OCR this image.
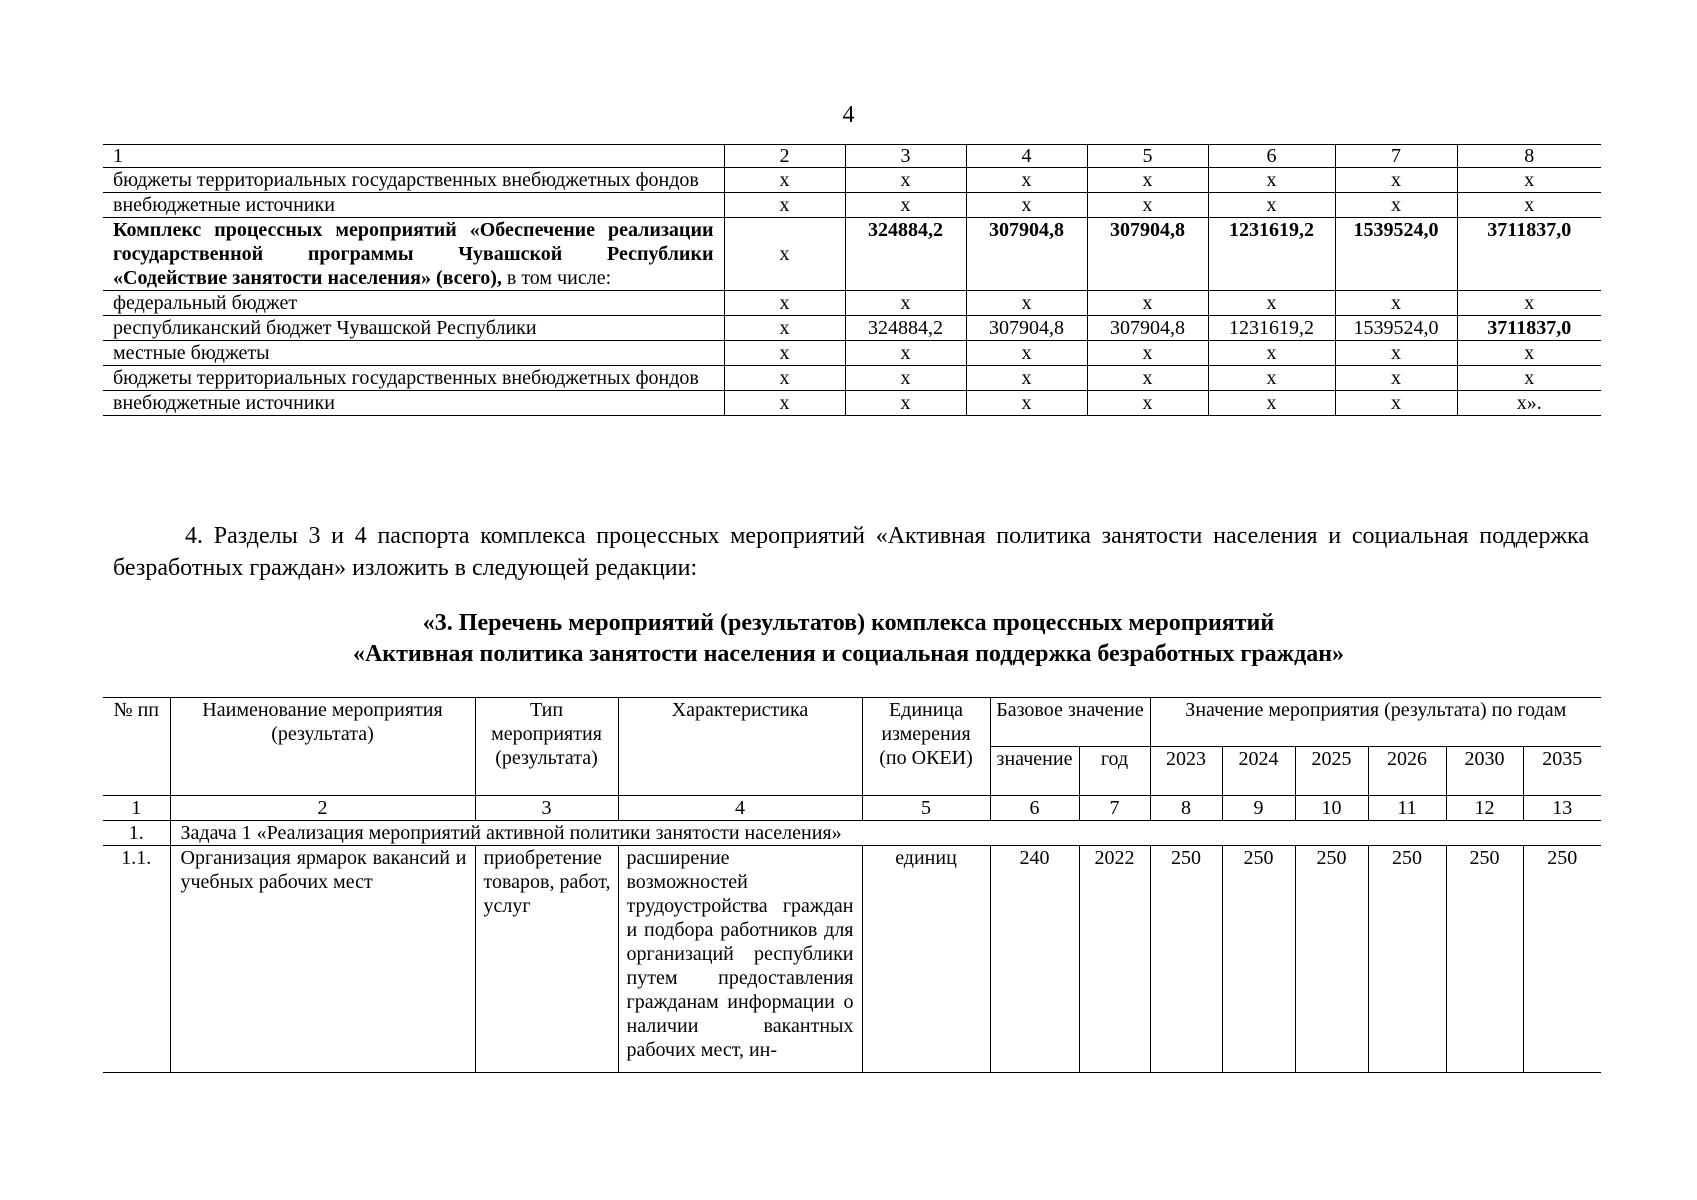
4
1	2	3	4	5	6	7	8
бюджеты территориальных государственных внебюджетных фондов	x	x	x	x	x	x	x
внебюджетные источники	x	x	x	x	x	x	x
Комплекс процессных мероприятий «Обеспечение реализации государственной программы Чувашской Республики «Содействие занятости населения» (всего), в том числе:	x	324884,2	307904,8	307904,8	1231619,2	1539524,0	3711837,0
федеральный бюджет	x	x	x	x	x	x	x
республиканский бюджет Чувашской Республики	x	324884,2	307904,8	307904,8	1231619,2	1539524,0	3711837,0
местные бюджеты	x	x	x	x	x	x	x
бюджеты территориальных государственных внебюджетных фондов	x	x	x	x	x	x	x
внебюджетные источники	x	x	x	x	x	x	x».

4. Разделы 3 и 4 паспорта комплекса процессных мероприятий «Активная политика занятости населения и социальная поддержка безработных граждан» изложить в следующей редакции:

«3. Перечень мероприятий (результатов) комплекса процессных мероприятий
«Активная политика занятости населения и социальная поддержка безработных граждан»
№ пп	Наименование мероприятия (результата)	Тип мероприятия (результата)	Характеристика	Единица измерения (по ОКЕИ)	Базовое значение		Значение мероприятия (результата) по годам					
					значение	год	2023	2024	2025	2026	2030	2035
1	2	3	4	5	6	7	8	9	10	11	12	13
1.	Задача 1 «Реализация мероприятий активной политики занятости населения»											
1.1.	Организация ярмарок вакансий и учебных рабочих мест	приобретение товаров, работ, услуг	расширение возможностей трудоустройства граждан и подбора работников для организаций республики путем предоставления гражданам информации о наличии вакантных рабочих мест, ин-	единиц	240	2022	250	250	250	250	250	250
